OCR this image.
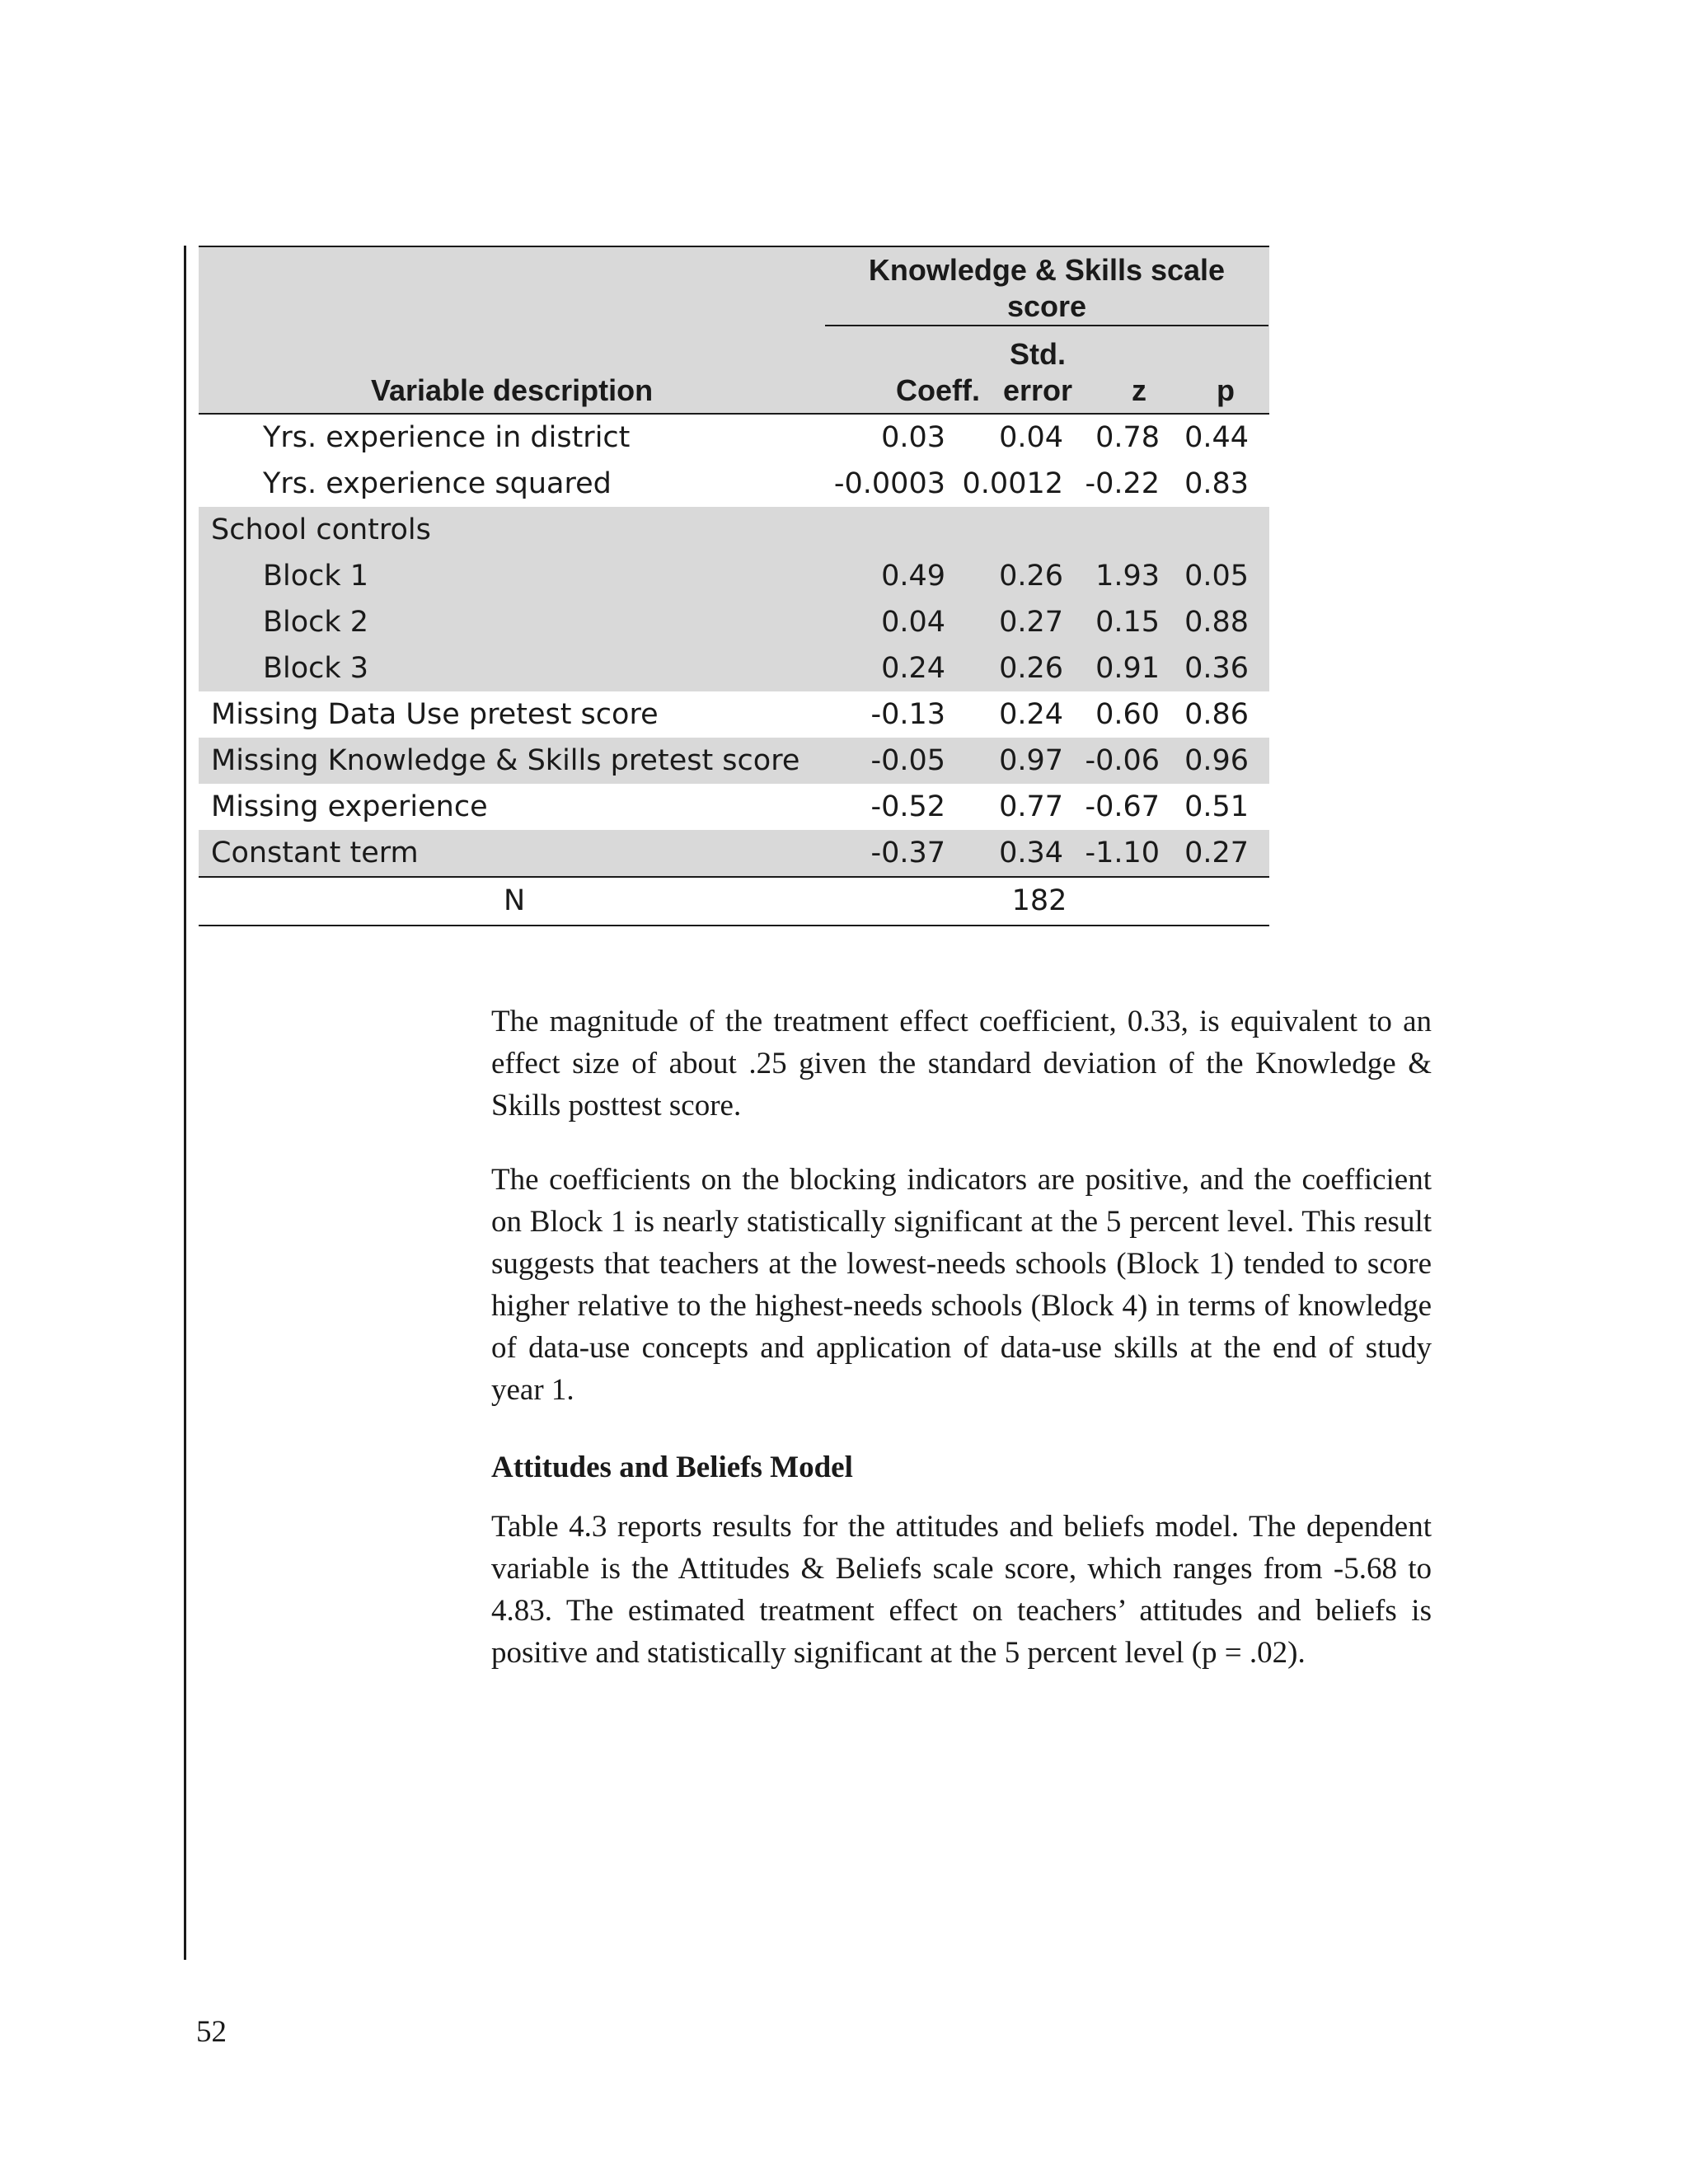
Knowledge & Skills scale score
Variable description	Coeff.
Std. error	z	p
Yrs. experience in district	0.03 0.04 0.78 0.44
Yrs. experience squared	-0.0003 0.0012 -0.22 0.83
School controls
Block 1	0.49 0.26 1.93 0.05
Block 2	0.04 0.27 0.15 0.88
Block 3	0.24 0.26 0.91 0.36
Missing Data Use pretest score	-0.13 0.24 0.60 0.86
Missing Knowledge & Skills pretest score -0.05 0.97 -0.06 0.96
Missing experience	-0.52 0.77 -0.67 0.51
Constant term	-0.37 0.34 -1.10 0.27
N	182

The magnitude of the treatment effect coefficient, 0.33, is equivalent to an effect size of about .25 given the standard deviation of the Knowledge & Skills posttest score.

The coefficients on the blocking indicators are positive, and the coefficient on Block 1 is nearly statistically significant at the 5 percent level. This result suggests that teachers at the lowest-needs schools (Block 1) tended to score higher relative to the highest-needs schools (Block 4) in terms of knowledge of data-use concepts and application of data-use skills at the end of study year 1.

Attitudes and Beliefs Model

Table 4.3 reports results for the attitudes and beliefs model. The dependent variable is the Attitudes & Beliefs scale score, which ranges from -5.68 to 4.83. The estimated treatment effect on teachers’ attitudes and beliefs is positive and statistically significant at the 5 percent level (p = .02).

52
